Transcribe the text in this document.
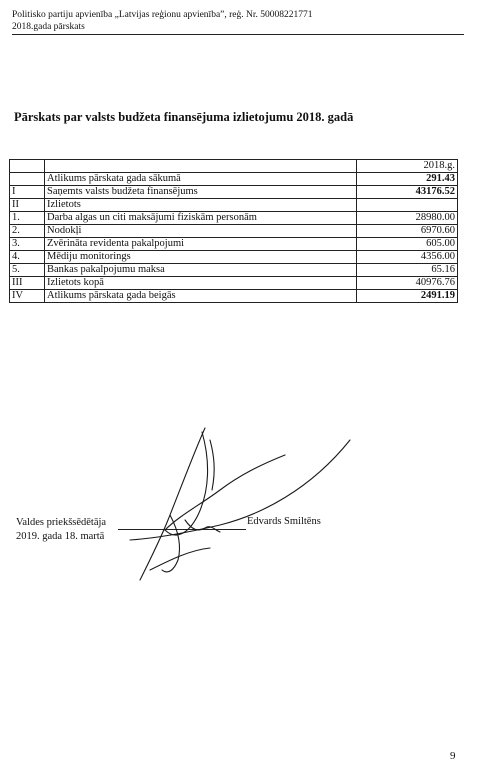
Politisko partiju apvienība „Latvijas reģionu apvienība”, reģ. Nr. 50008221771
2018.gada pārskats
Pārskats par valsts budžeta finansējuma izlietojumu 2018. gadā
		2018.g.
	Atlikums pārskata gada sākumā	291.43
I	Saņemts valsts budžeta finansējums	43176.52
II	Izlietots	
1.	Darba algas un citi maksājumi fiziskām personām	28980.00
2.	Nodokļi	6970.60
3.	Zvērināta revidenta pakalpojumi	605.00
4.	Mēdiju monitorings	4356.00
5.	Bankas pakalpojumu maksa	65.16
III	Izlietots kopā	40976.76
IV	Atlikums pārskata gada beigās	2491.19
Valdes priekšsēdētāja
2019. gada 18. martā
Edvards Smiltēns
9
